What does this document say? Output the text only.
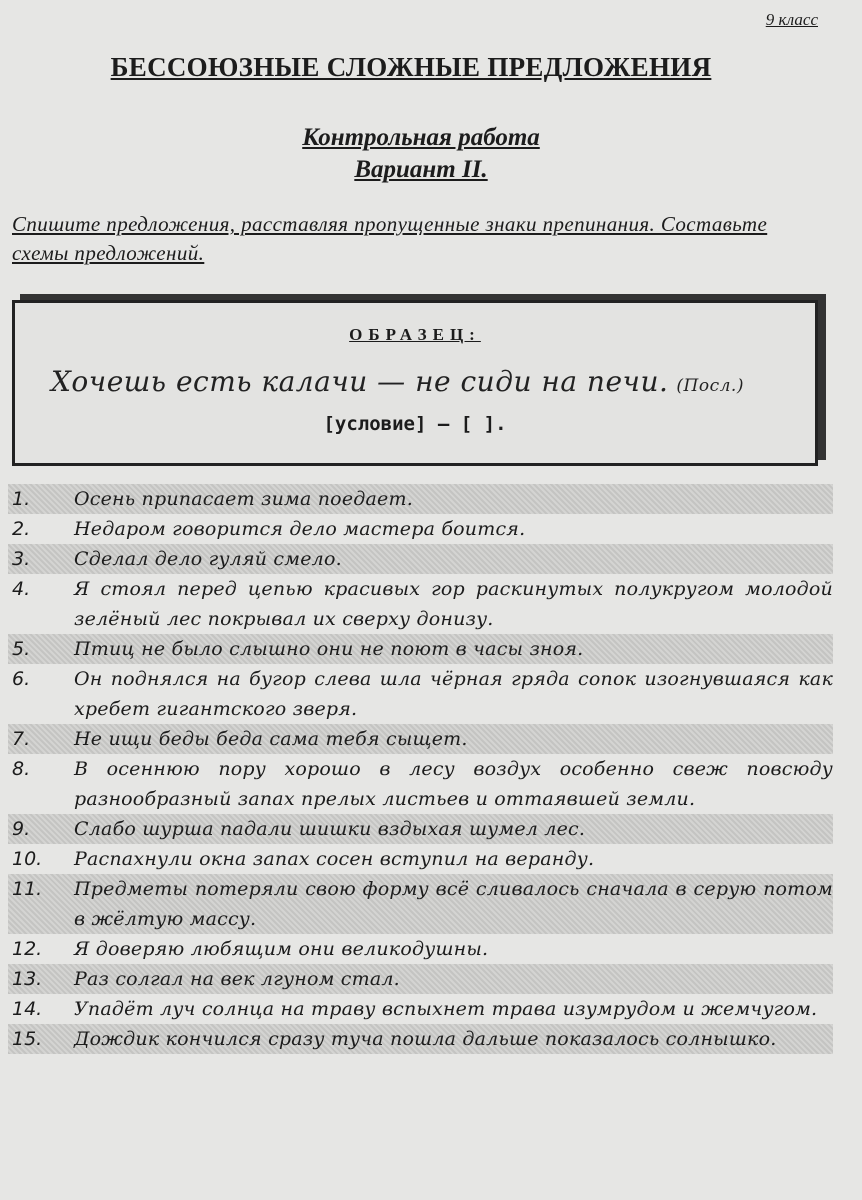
9 класс
БЕССОЮЗНЫЕ СЛОЖНЫЕ ПРЕДЛОЖЕНИЯ
Контрольная работа
Вариант II.
Спишите предложения, расставляя пропущенные знаки препинания. Составьте схемы предложений.
ОБРАЗЕЦ:
Хочешь есть калачи — не сиди на печи. (Посл.)
[условие] — [ ].
1.	Осень припасает зима поедает.
2.	Недаром говорится дело мастера боится.
3.	Сделал дело гуляй смело.
4.	Я стоял перед цепью красивых гор раскинутых полукругом молодой зелёный лес покрывал их сверху донизу.
5.	Птиц не было слышно они не поют в часы зноя.
6.	Он поднялся на бугор слева шла чёрная гряда сопок изогнувшаяся как хребет гигантского зверя.
7.	Не ищи беды беда сама тебя сыщет.
8.	В осеннюю пору хорошо в лесу воздух особенно свеж повсюду разнообразный запах прелых листьев и оттаявшей земли.
9.	Слабо шурша падали шишки вздыхая шумел лес.
10.	Распахнули окна запах сосен вступил на веранду.
11.	Предметы потеряли свою форму всё сливалось сначала в серую потом в жёлтую массу.
12.	Я доверяю любящим они великодушны.
13.	Раз солгал на век лгуном стал.
14.	Упадёт луч солнца на траву вспыхнет трава изумрудом и жемчугом.
15.	Дождик кончился сразу туча пошла дальше показалось солнышко.
